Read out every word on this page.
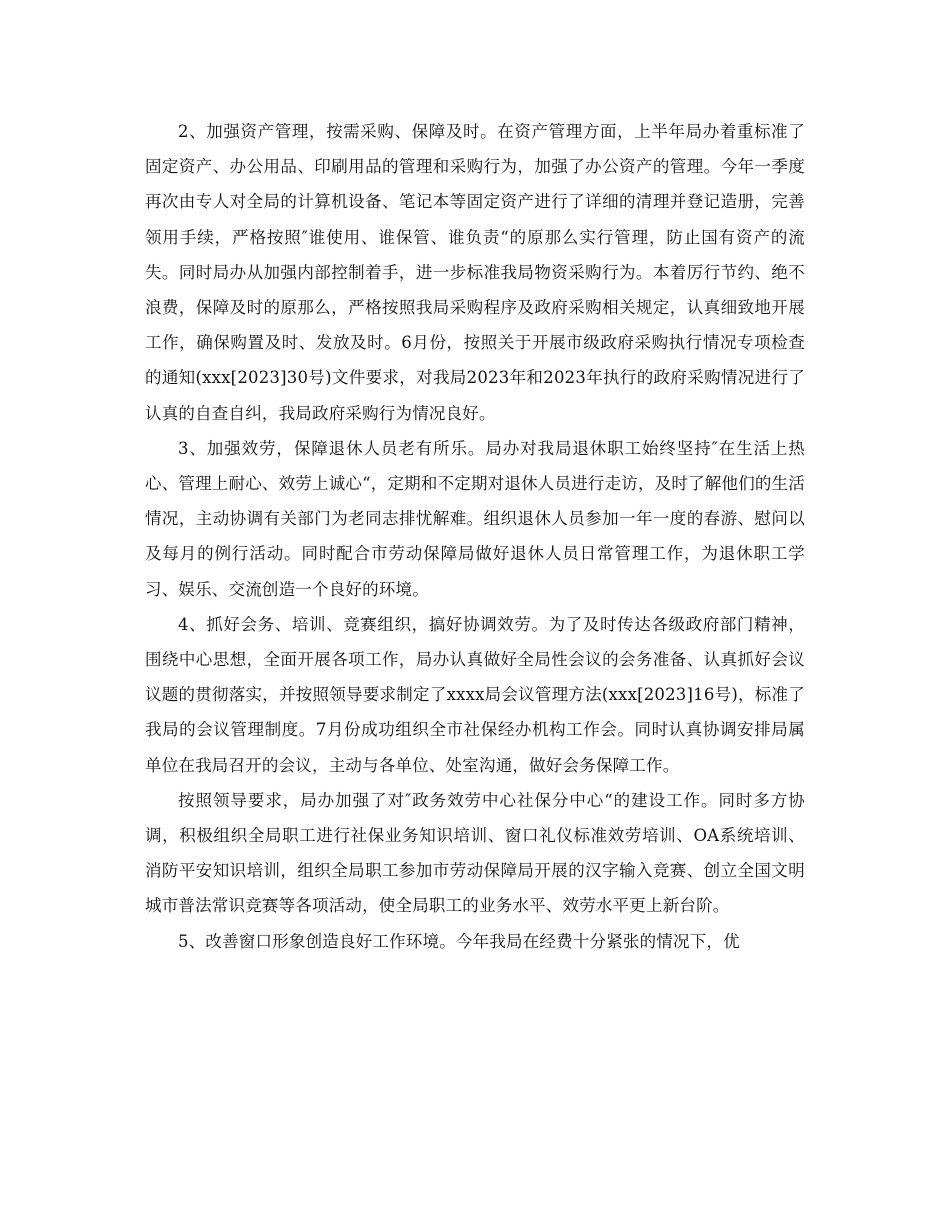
2、加强资产管理，按需采购、保障及时。在资产管理方面，上半年局办着重标准了固定资产、办公用品、印刷用品的管理和采购行为，加强了办公资产的管理。今年一季度再次由专人对全局的计算机设备、笔记本等固定资产进行了详细的清理并登记造册，完善领用手续，严格按照″谁使用、谁保管、谁负责“的原那么实行管理，防止国有资产的流失。同时局办从加强内部控制着手，进一步标准我局物资采购行为。本着厉行节约、绝不浪费，保障及时的原那么，严格按照我局采购程序及政府采购相关规定，认真细致地开展工作，确保购置及时、发放及时。6月份，按照关于开展市级政府采购执行情况专项检查的通知(xxx[2023]30号)文件要求，对我局2023年和2023年执行的政府采购情况进行了认真的自查自纠，我局政府采购行为情况良好。

3、加强效劳，保障退休人员老有所乐。局办对我局退休职工始终坚持″在生活上热心、管理上耐心、效劳上诚心“，定期和不定期对退休人员进行走访，及时了解他们的生活情况，主动协调有关部门为老同志排忧解难。组织退休人员参加一年一度的春游、慰问以及每月的例行活动。同时配合市劳动保障局做好退休人员日常管理工作，为退休职工学习、娱乐、交流创造一个良好的环境。

4、抓好会务、培训、竞赛组织，搞好协调效劳。为了及时传达各级政府部门精神，围绕中心思想，全面开展各项工作，局办认真做好全局性会议的会务准备、认真抓好会议议题的贯彻落实，并按照领导要求制定了xxxx局会议管理方法(xxx[2023]16号)，标准了我局的会议管理制度。7月份成功组织全市社保经办机构工作会。同时认真协调安排局属单位在我局召开的会议，主动与各单位、处室沟通，做好会务保障工作。

按照领导要求，局办加强了对″政务效劳中心社保分中心“的建设工作。同时多方协调，积极组织全局职工进行社保业务知识培训、窗口礼仪标准效劳培训、OA系统培训、消防平安知识培训，组织全局职工参加市劳动保障局开展的汉字输入竞赛、创立全国文明城市普法常识竞赛等各项活动，使全局职工的业务水平、效劳水平更上新台阶。

5、改善窗口形象创造良好工作环境。今年我局在经费十分紧张的情况下，优
